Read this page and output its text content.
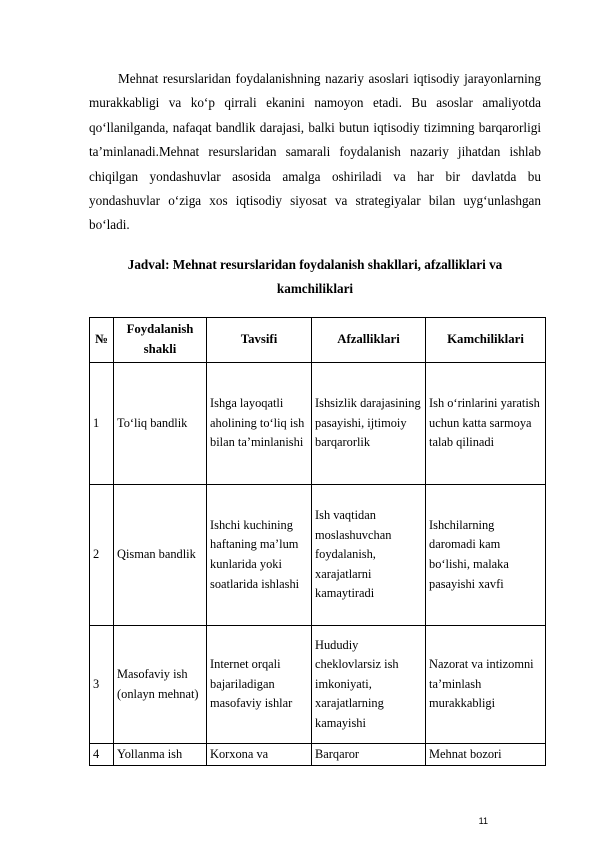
Mehnat resurslaridan foydalanishning nazariy asoslari iqtisodiy jarayonlarning murakkabligi va ko‘p qirrali ekanini namoyon etadi. Bu asoslar amaliyotda qo‘llanilganda, nafaqat bandlik darajasi, balki butun iqtisodiy tizimning barqarorligi ta’minlanadi.Mehnat resurslaridan samarali foydalanish nazariy jihatdan ishlab chiqilgan yondashuvlar asosida amalga oshiriladi va har bir davlatda bu yondashuvlar o‘ziga xos iqtisodiy siyosat va strategiyalar bilan uyg‘unlashgan bo‘ladi.

Jadval: Mehnat resurslaridan foydalanish shakllari, afzalliklari va kamchiliklari

№	Foydalanish shakli	Tavsifi	Afzalliklari	Kamchiliklari
1	To‘liq bandlik	Ishga layoqatli aholining to‘liq ish bilan ta’minlanishi	Ishsizlik darajasining pasayishi, ijtimoiy barqarorlik	Ish o‘rinlarini yaratish uchun katta sarmoya talab qilinadi
2	Qisman bandlik	Ishchi kuchining haftaning ma’lum kunlarida yoki soatlarida ishlashi	Ish vaqtidan moslashuvchan foydalanish, xarajatlarni kamaytiradi	Ishchilarning daromadi kam bo‘lishi, malaka pasayishi xavfi
3	Masofaviy ish (onlayn mehnat)	Internet orqali bajariladigan masofaviy ishlar	Hududiy cheklovlarsiz ish imkoniyati, xarajatlarning kamayishi	Nazorat va intizomni ta’minlash murakkabligi
4	Yollanma ish	Korxona va	Barqaror	Mehnat bozori
11
